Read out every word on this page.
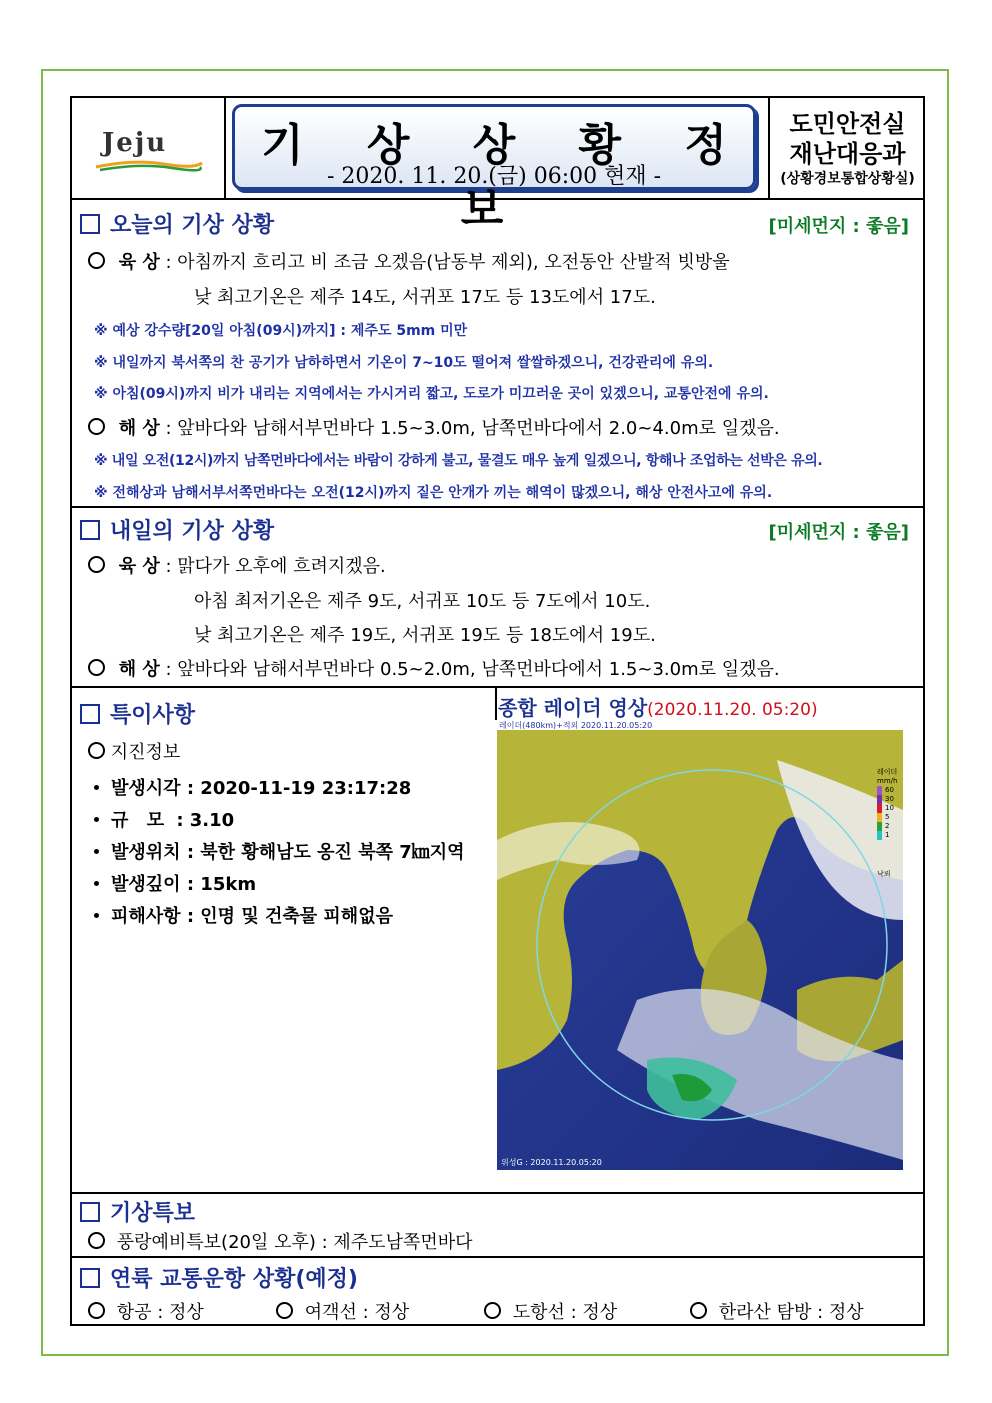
Jeju	기 상 상 황 정 보
- 2020. 11. 20.(금) 06:00 현재 -
도민안전실
재난대응과
(상황경보통합상황실)
오늘의 기상 상황	[미세먼지 : 좋음]
육 상 : 아침까지 흐리고 비 조금 오겠음(남동부 제외), 오전동안 산발적 빗방울
낮 최고기온은 제주 14도, 서귀포 17도 등 13도에서 17도.
※ 예상 강수량[20일 아침(09시)까지] : 제주도 5mm 미만
※ 내일까지 북서쪽의 찬 공기가 남하하면서 기온이 7~10도 떨어져 쌀쌀하겠으니, 건강관리에 유의.
※ 아침(09시)까지 비가 내리는 지역에서는 가시거리 짧고, 도로가 미끄러운 곳이 있겠으니, 교통안전에 유의.
해 상 : 앞바다와 남해서부먼바다 1.5~3.0m, 남쪽먼바다에서 2.0~4.0m로 일겠음.
※ 내일 오전(12시)까지 남쪽먼바다에서는 바람이 강하게 불고, 물결도 매우 높게 일겠으니, 항해나 조업하는 선박은 유의.
※ 전해상과 남해서부서쪽먼바다는 오전(12시)까지 짙은 안개가 끼는 해역이 많겠으니, 해상 안전사고에 유의.
내일의 기상 상황	[미세먼지 : 좋음]
육 상 : 맑다가 오후에 흐려지겠음.
아침 최저기온은 제주 9도, 서귀포 10도 등 7도에서 10도.
낮 최고기온은 제주 19도, 서귀포 19도 등 18도에서 19도.
해 상 : 앞바다와 남해서부먼바다 0.5~2.0m, 남쪽먼바다에서 1.5~3.0m로 일겠음.
특이사항
지진정보
발생시각 : 2020-11-19 23:17:28
규 모 : 3.10
발생위치 : 북한 황해남도 옹진 북쪽 7㎞지역
발생깊이 : 15km
피해사항 : 인명 및 건축물 피해없음
종합 레이더 영상(2020.11.20. 05:20)
레이더(480km)+적외 2020.11.20.05:20
위성G : 2020.11.20.05:20
레이더
mm/h
60
30
10
5
2
1
낙뢰
기상특보
풍랑예비특보(20일 오후) : 제주도남쪽먼바다
연륙 교통운항 상황(예정)
항공 : 정상	여객선 : 정상	도항선 : 정상	한라산 탐방 : 정상
